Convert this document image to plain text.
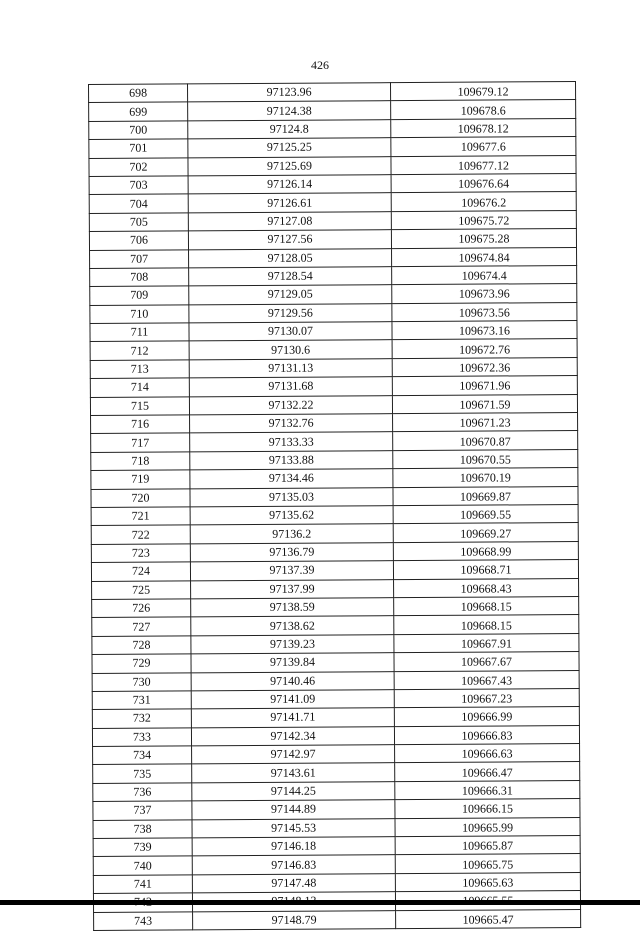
426
698	97123.96	109679.12
699	97124.38	109678.6
700	97124.8	109678.12
701	97125.25	109677.6
702	97125.69	109677.12
703	97126.14	109676.64
704	97126.61	109676.2
705	97127.08	109675.72
706	97127.56	109675.28
707	97128.05	109674.84
708	97128.54	109674.4
709	97129.05	109673.96
710	97129.56	109673.56
711	97130.07	109673.16
712	97130.6	109672.76
713	97131.13	109672.36
714	97131.68	109671.96
715	97132.22	109671.59
716	97132.76	109671.23
717	97133.33	109670.87
718	97133.88	109670.55
719	97134.46	109670.19
720	97135.03	109669.87
721	97135.62	109669.55
722	97136.2	109669.27
723	97136.79	109668.99
724	97137.39	109668.71
725	97137.99	109668.43
726	97138.59	109668.15
727	97138.62	109668.15
728	97139.23	109667.91
729	97139.84	109667.67
730	97140.46	109667.43
731	97141.09	109667.23
732	97141.71	109666.99
733	97142.34	109666.83
734	97142.97	109666.63
735	97143.61	109666.47
736	97144.25	109666.31
737	97144.89	109666.15
738	97145.53	109665.99
739	97146.18	109665.87
740	97146.83	109665.75
741	97147.48	109665.63

743	97148.79	109665.47
